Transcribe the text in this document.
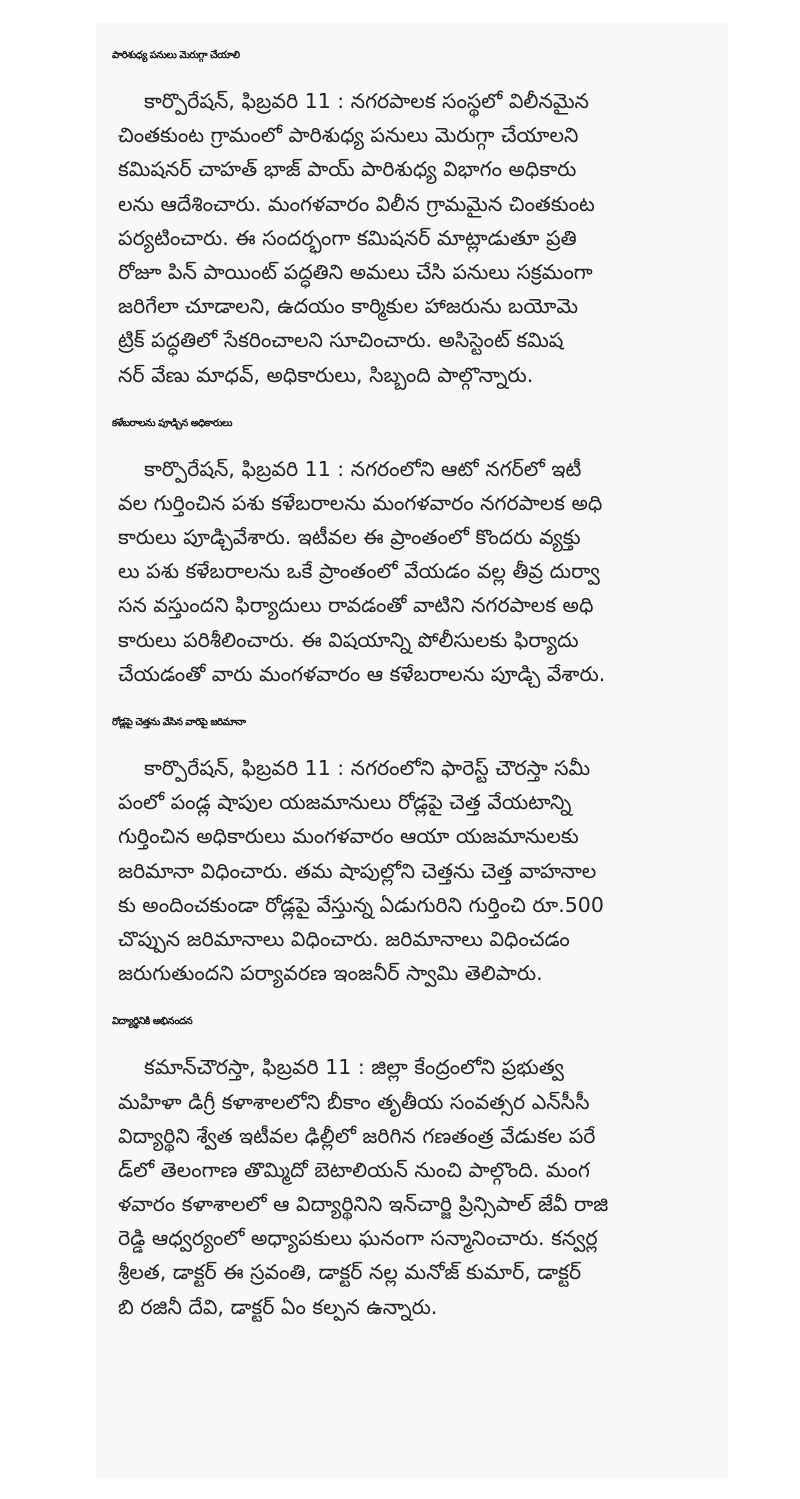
పారిశుధ్య పనులు మెరుగ్గా చేయాలి
కార్పొరేషన్, ఫిబ్రవరి 11 : నగరపాలక సంస్థలో విలీనమైన
చింతకుంట గ్రామంలో పారిశుధ్య పనులు మెరుగ్గా చేయాలని
కమిషనర్ చాహత్ భాజ్ పాయ్ పారిశుధ్య విభాగం అధికారు
లను ఆదేశించారు. మంగళవారం విలీన గ్రామమైన చింతకుంట
పర్యటించారు. ఈ సందర్భంగా కమిషనర్ మాట్లాడుతూ ప్రతి
రోజూ పిన్ పాయింట్ పద్ధతిని అమలు చేసి పనులు సక్రమంగా
జరిగేలా చూడాలని, ఉదయం కార్మికుల హాజరును బయోమె
ట్రిక్ పద్ధతిలో సేకరించాలని సూచించారు. అసిస్టెంట్ కమిష
నర్ వేణు మాధవ్, అధికారులు, సిబ్బంది పాల్గొన్నారు.
కళేబరాలను పూడ్చిన అధికారులు
కార్పొరేషన్, ఫిబ్రవరి 11 : నగరంలోని ఆటో నగర్‌లో ఇటీ
వల గుర్తించిన పశు కళేబరాలను మంగళవారం నగరపాలక అధి
కారులు పూడ్చివేశారు. ఇటీవల ఈ ప్రాంతంలో కొందరు వ్యక్తు
లు పశు కళేబరాలను ఒకే ప్రాంతంలో వేయడం వల్ల తీవ్ర దుర్వా
సన వస్తుందని ఫిర్యాదులు రావడంతో వాటిని నగరపాలక అధి
కారులు పరిశీలించారు. ఈ విషయాన్ని పోలీసులకు ఫిర్యాదు
చేయడంతో వారు మంగళవారం ఆ కళేబరాలను పూడ్చి వేశారు.
రోడ్లపై చెత్తను వేసిన వారిపై జరిమానా
కార్పొరేషన్, ఫిబ్రవరి 11 : నగరంలోని ఫారెస్ట్ చౌరస్తా సమీ
పంలో పండ్ల షాపుల యజమానులు రోడ్లపై చెత్త వేయటాన్ని
గుర్తించిన అధికారులు మంగళవారం ఆయా యజమానులకు
జరిమానా విధించారు. తమ షాపుల్లోని చెత్తను చెత్త వాహనాల
కు అందించకుండా రోడ్లపై వేస్తున్న ఏడుగురిని గుర్తించి రూ.500
చొప్పున జరిమానాలు విధించారు. జరిమానాలు విధించడం
జరుగుతుందని పర్యావరణ ఇంజనీర్ స్వామి తెలిపారు.
విద్యార్థినికి అభినందన
కమాన్‌చౌరస్తా, ఫిబ్రవరి 11 : జిల్లా కేంద్రంలోని ప్రభుత్వ
మహిళా డిగ్రీ కళాశాలలోని బీకాం తృతీయ సంవత్సర ఎన్‌సీసీ
విద్యార్థిని శ్వేత ఇటీవల ఢిల్లీలో జరిగిన గణతంత్ర వేడుకల పరే
డ్‌లో తెలంగాణ తొమ్మిదో బెటాలియన్ నుంచి పాల్గొంది. మంగ
ళవారం కళాశాలలో ఆ విద్యార్థినిని ఇన్‌చార్జి ప్రిన్సిపాల్ జేవీ రాజి
రెడ్డి ఆధ్వర్యంలో అధ్యాపకులు ఘనంగా సన్మానించారు. కన్వర్ల
శ్రీలత, డాక్టర్ ఈ స్రవంతి, డాక్టర్ నల్ల మనోజ్ కుమార్, డాక్టర్
బి రజినీ దేవి, డాక్టర్ ఏం కల్పన ఉన్నారు.
